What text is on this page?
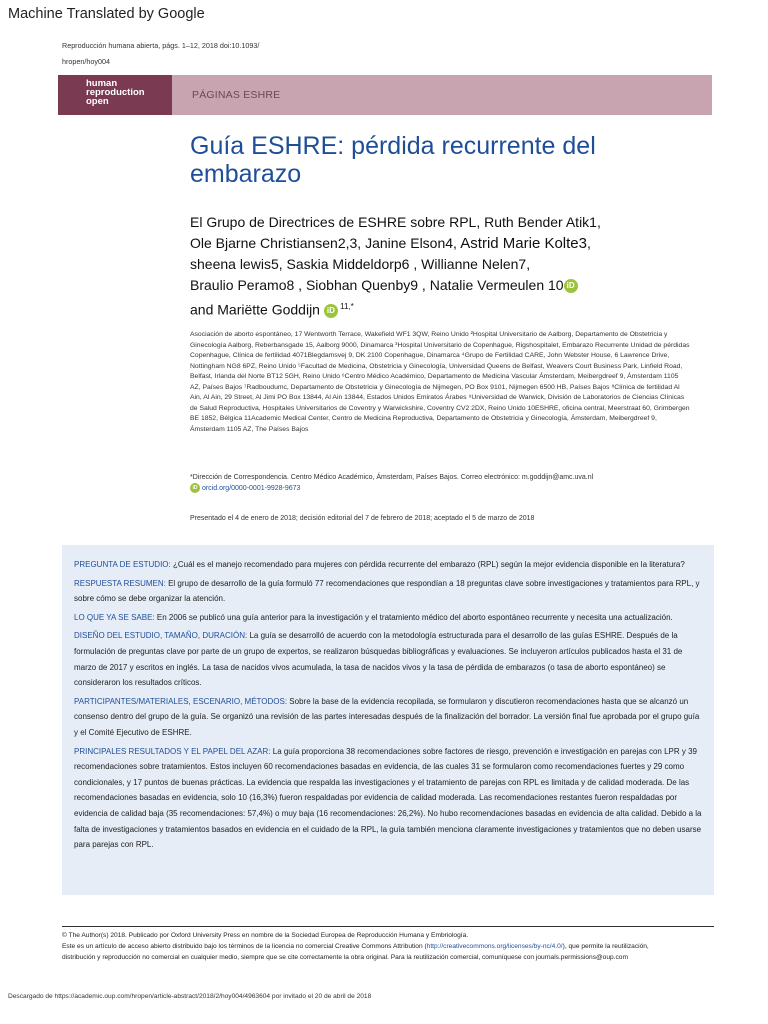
Machine Translated by Google
Reproducción humana abierta, págs. 1–12, 2018 doi:10.1093/
hropen/hoy004
human
reproduction
open
PÁGINAS ESHRE
Guía ESHRE: pérdida recurrente del embarazo
El Grupo de Directrices de ESHRE sobre RPL, Ruth Bender Atik1,
Ole Bjarne Christiansen2,3, Janine Elson4, Astrid Marie Kolte3,
sheena lewis5, Saskia Middeldorp6 , Willianne Nelen7,
Braulio Peramo8 , Siobhan Quenby9 , Natalie Vermeulen 10 iD
and Mariëtte Goddijn iD $^{11,*}$
Asociación de aborto espontáneo, 17 Wentworth Terrace, Wakefield WF1 3QW, Reino Unido ²Hospital Universitario de Aalborg, Departamento de Obstetricia y Ginecología Aalborg, Reberbansgade 15, Aalborg 9000, Dinamarca ³Hospital Universitario de Copenhague, Rigshospitalet, Embarazo Recurrente Unidad de pérdidas Copenhague, Clínica de fertilidad 4071Blegdamsvej 9, DK 2100 Copenhague, Dinamarca ⁴Grupo de Fertilidad CARE, John Webster House, 6 Lawrence Drive, Nottingham NG8 6PZ, Reino Unido ⁵Facultad de Medicina, Obstetricia y Ginecología, Universidad Queens de Belfast, Weavers Court Business Park, Linfield Road, Belfast, Irlanda del Norte BT12 5GH, Reino Unido ⁶Centro Médico Académico, Departamento de Medicina Vascular Ámsterdam, Meibergdreef 9, Ámsterdam 1105 AZ, Países Bajos ⁷Radboudumc, Departamento de Obstetricia y Ginecología de Nijmegen, PO Box 9101, Nijmegen 6500 HB, Países Bajos ⁸Clínica de fertilidad Al Ain, Al Ain, 29 Street, Al Jimi PO Box 13844, Al Ain 13844, Estados Unidos Emiratos Árabes ⁹Universidad de Warwick, División de Laboratorios de Ciencias Clínicas de Salud Reproductiva, Hospitales Universitarios de Coventry y Warwickshire, Coventry CV2 2DX, Reino Unido 10ESHRE, oficina central, Meerstraat 60, Grimbergen BE 1852, Bélgica 11Academic Medical Center, Centro de Medicina Reproductiva, Departamento de Obstetricia y Ginecología, Ámsterdam, Meibergdreef 9, Ámsterdam 1105 AZ, The Países Bajos
*Dirección de Correspondencia. Centro Médico Académico, Ámsterdam, Países Bajos. Correo electrónico: m.goddijn@amc.uva.nl
iD orcid.org/0000-0001-9928-9673
Presentado el 4 de enero de 2018; decisión editorial del 7 de febrero de 2018; aceptado el 5 de marzo de 2018

PREGUNTA DE ESTUDIO: ¿Cuál es el manejo recomendado para mujeres con pérdida recurrente del embarazo (RPL) según la mejor evidencia disponible en la literatura?

RESPUESTA RESUMEN: El grupo de desarrollo de la guía formuló 77 recomendaciones que respondían a 18 preguntas clave sobre investigaciones y tratamientos para RPL, y sobre cómo se debe organizar la atención.

LO QUE YA SE SABE: En 2006 se publicó una guía anterior para la investigación y el tratamiento médico del aborto espontáneo recurrente y necesita una actualización.

DISEÑO DEL ESTUDIO, TAMAÑO, DURACIÓN: La guía se desarrolló de acuerdo con la metodología estructurada para el desarrollo de las guías ESHRE. Después de la formulación de preguntas clave por parte de un grupo de expertos, se realizaron búsquedas bibliográficas y evaluaciones. Se incluyeron artículos publicados hasta el 31 de marzo de 2017 y escritos en inglés. La tasa de nacidos vivos acumulada, la tasa de nacidos vivos y la tasa de pérdida de embarazos (o tasa de aborto espontáneo) se consideraron los resultados críticos.

PARTICIPANTES/MATERIALES, ESCENARIO, MÉTODOS: Sobre la base de la evidencia recopilada, se formularon y discutieron recomendaciones hasta que se alcanzó un consenso dentro del grupo de la guía. Se organizó una revisión de las partes interesadas después de la finalización del borrador. La versión final fue aprobada por el grupo guía y el Comité Ejecutivo de ESHRE.

PRINCIPALES RESULTADOS Y EL PAPEL DEL AZAR: La guía proporciona 38 recomendaciones sobre factores de riesgo, prevención e investigación en parejas con LPR y 39 recomendaciones sobre tratamientos. Estos incluyen 60 recomendaciones basadas en evidencia, de las cuales 31 se formularon como recomendaciones fuertes y 29 como condicionales, y 17 puntos de buenas prácticas. La evidencia que respalda las investigaciones y el tratamiento de parejas con RPL es limitada y de calidad moderada. De las recomendaciones basadas en evidencia, solo 10 (16,3%) fueron respaldadas por evidencia de calidad moderada. Las recomendaciones restantes fueron respaldadas por evidencia de calidad baja (35 recomendaciones: 57,4%) o muy baja (16 recomendaciones: 26,2%). No hubo recomendaciones basadas en evidencia de alta calidad. Debido a la falta de investigaciones y tratamientos basados en evidencia en el cuidado de la RPL, la guía también menciona claramente investigaciones y tratamientos que no deben usarse para parejas con RPL.

© The Author(s) 2018. Publicado por Oxford University Press en nombre de la Sociedad Europea de Reproducción Humana y Embriología.
Este es un artículo de acceso abierto distribuido bajo los términos de la licencia no comercial Creative Commons Attribution (http://creativecommons.org/licenses/by-nc/4.0/), que permite la reutilización,
distribución y reproducción no comercial en cualquier medio, siempre que se cite correctamente la obra original. Para la reutilización comercial, comuníquese con journals.permissions@oup.com
Descargado de https://academic.oup.com/hropen/article-abstract/2018/2/hoy004/4963604 por invitado el 20 de abril de 2018
